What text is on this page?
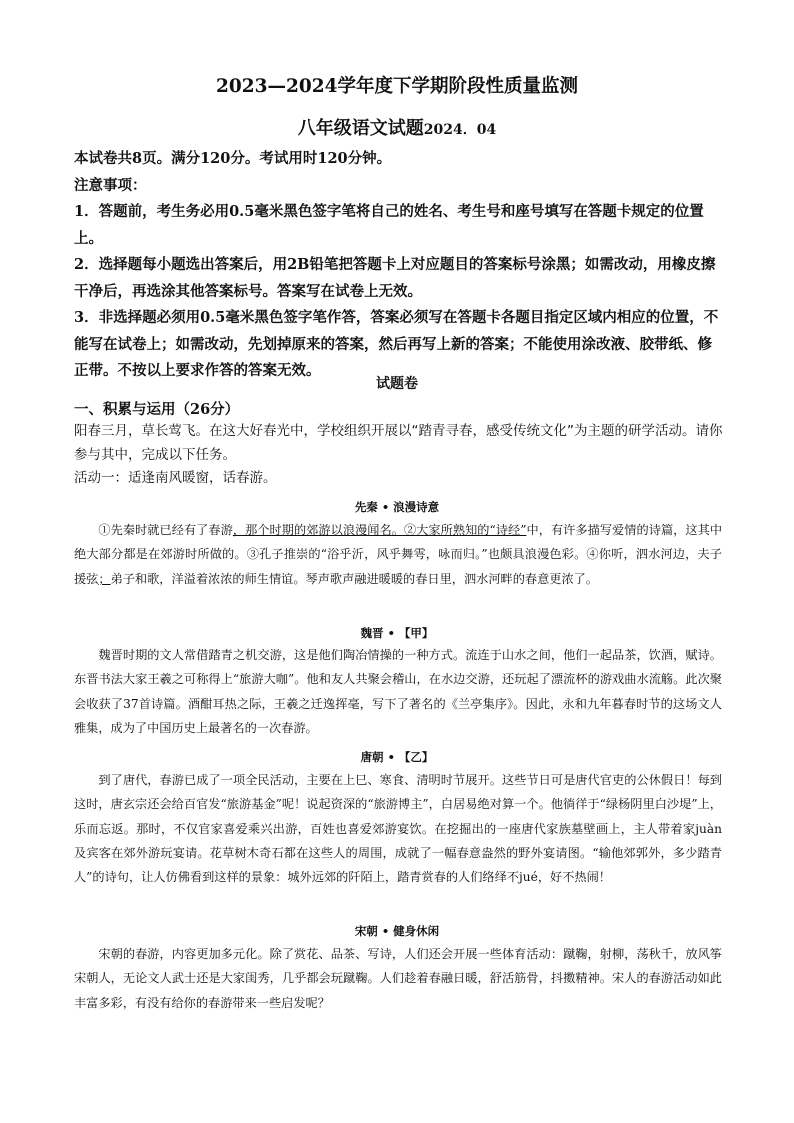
2023—2024学年度下学期阶段性质量监测
八年级语文试题2024．04

本试卷共8页。满分120分。考试用时120分钟。

注意事项：

1．答题前，考生务必用0.5毫米黑色签字笔将自己的姓名、考生号和座号填写在答题卡规定的位置上。

2．选择题每小题选出答案后，用2B铅笔把答题卡上对应题目的答案标号涂黑；如需改动，用橡皮擦干净后，再选涂其他答案标号。答案写在试卷上无效。

3．非选择题必须用0.5毫米黑色签字笔作答，答案必须写在答题卡各题目指定区域内相应的位置，不能写在试卷上；如需改动，先划掉原来的答案，然后再写上新的答案；不能使用涂改液、胶带纸、修正带。不按以上要求作答的答案无效。

试题卷
一、积累与运用（26分）

阳春三月，草长莺飞。在这大好春光中，学校组织开展以“踏青寻春，感受传统文化”为主题的研学活动。请你参与其中，完成以下任务。

活动一：适逢南风暖窗，话春游。

先秦 • 浪漫诗意

①先秦时就已经有了春游，那个时期的郊游以浪漫闻名。②大家所熟知的“诗经”中，有许多描写爱情的诗篇，这其中绝大部分都是在郊游时所做的。③孔子推崇的“浴乎沂，风乎舞雩，咏而归。”也颇具浪漫色彩。④你听，泗水河边，夫子援弦；弟子和歌，洋溢着浓浓的师生情谊。琴声歌声融进暖暖的春日里，泗水河畔的春意更浓了。

魏晋 • 【甲】

魏晋时期的文人常借踏青之机交游，这是他们陶冶情操的一种方式。流连于山水之间，他们一起品茶，饮酒，赋诗。东晋书法大家王羲之可称得上“旅游大咖”。他和友人共聚会稽山，在水边交游，还玩起了漂流杯的游戏曲水流觞。此次聚会收获了37首诗篇。酒酣耳热之际，王羲之迁逸挥毫，写下了著名的《兰亭集序》。因此，永和九年暮春时节的这场文人雅集，成为了中国历史上最著名的一次春游。

唐朝 • 【乙】

到了唐代，春游已成了一项全民活动，主要在上巳、寒食、清明时节展开。这些节日可是唐代官吏的公休假日！每到这时，唐玄宗还会给百官发“旅游基金”呢！说起资深的“旅游博主”，白居易绝对算一个。他徜徉于“绿杨阴里白沙堤”上，乐而忘返。那时，不仅官家喜爱乘兴出游，百姓也喜爱郊游宴饮。在挖掘出的一座唐代家族墓壁画上，主人带着家juàn及宾客在郊外游玩宴请。花草树木奇石都在这些人的周围，成就了一幅春意盎然的野外宴请图。“输他郊郭外，多少踏青人”的诗句，让人仿佛看到这样的景象：城外远郊的阡陌上，踏青赏春的人们络绎不jué，好不热闹！

宋朝 • 健身休闲

宋朝的春游，内容更加多元化。除了赏花、品茶、写诗，人们还会开展一些体育活动：蹴鞠，射柳，荡秋千，放风筝宋朝人，无论文人武士还是大家闺秀，几乎都会玩蹴鞠。人们趁着春融日暖，舒活筋骨，抖擞精神。宋人的春游活动如此丰富多彩，有没有给你的春游带来一些启发呢？
